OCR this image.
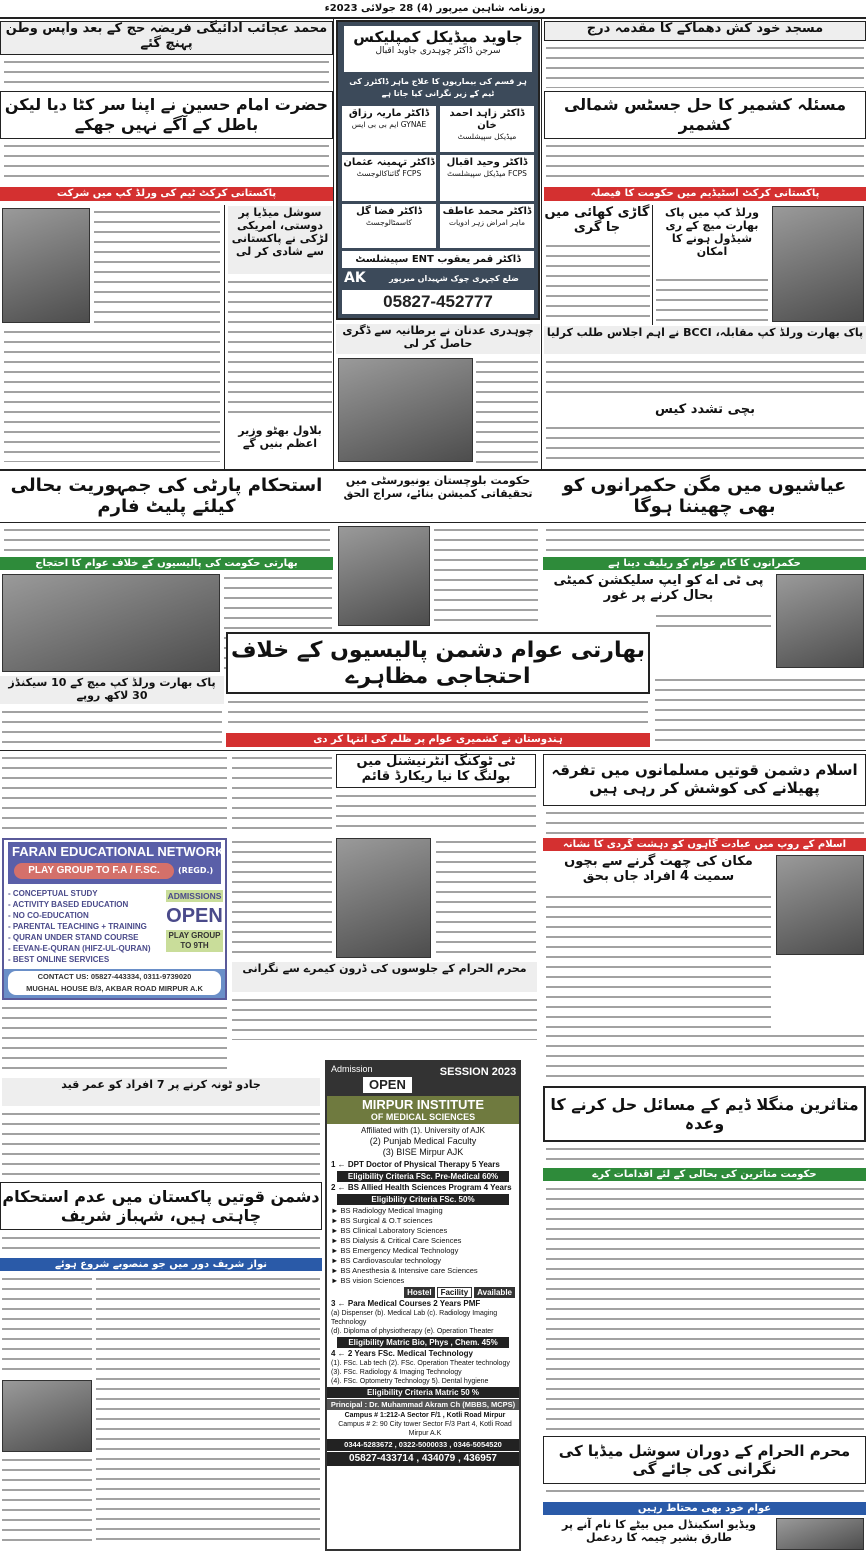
روزنامہ شاہین میرپور (4) 28 جولائی 2023ء
محمد عجائب ادائیگی فریضہ حج کے بعد واپس وطن پہنچ گئے
حضرت امام حسین نے اپنا سر کٹا دیا لیکن باطل کے آگے نہیں جھکے
پاکستانی کرکٹ ٹیم کی ورلڈ کپ میں شرکت
سوشل میڈیا پر دوستی، امریکی لڑکی نے پاکستانی سے شادی کر لی
بلاول بھٹو وزیر اعظم بنیں گے
جاوید میڈیکل کمپلیکس
سرجن ڈاکٹر چوہدری جاوید اقبال
ہر قسم کی بیماریوں کا علاج ماہر ڈاکٹرز کی ٹیم کے زیر نگرانی کیا جاتا ہے
ڈاکٹر زاہد احمد خان
میڈیکل سپیشلسٹ
ڈاکٹر ماریہ رزاق
GYNAE ایم بی بی ایس
ڈاکٹر وحید اقبال
FCPS میڈیکل سپیشلسٹ
ڈاکٹر تہمینہ عثمان
FCPS گائناکالوجسٹ
ڈاکٹر محمد عاطف
ماہر امراض زہر ادویات
ڈاکٹر فضا گل
کاسمٹالوجسٹ
ڈاکٹر قمر یعقوب ENT سپیشلسٹ
AK	ضلع کچہری چوک شہیداں میرپور
05827-452777
چوہدری عدنان نے برطانیہ سے ڈگری حاصل کر لی
مسجد خود کش دھماکے کا مقدمہ درج
مسئلہ کشمیر کا حل جسٹس شمالی کشمیر
پاکستانی کرکٹ اسٹیڈیم میں حکومت کا فیصلہ
ورلڈ کپ میں پاک بھارت میچ کے ری شیڈول ہونے کا امکان
گاڑی کھائی میں جا گری
پاک بھارت ورلڈ کپ مقابلہ، BCCI نے اہم اجلاس طلب کرلیا
بچی تشدد کیس
استحکام پارٹی کی جمہوریت بحالی کیلئے پلیٹ فارم
حکومت بلوچستان یونیورسٹی میں تحقیقاتی کمیشن بنائے، سراج الحق	عیاشیوں میں مگن حکمرانوں کو بھی چھیننا ہوگا
بھارتی حکومت کی پالیسیوں کے خلاف عوام کا احتجاج	حکمرانوں کا کام عوام کو ریلیف دینا ہے
پی ٹی اے کو ایپ سلیکشن کمیٹی بحال کرنے پر غور
بھارتی عوام دشمن پالیسیوں کے خلاف احتجاجی مظاہرے
پاک بھارت ورلڈ کپ میچ کے 10 سیکنڈز 30 لاکھ روپے
ہندوستان نے کشمیری عوام پر ظلم کی انتہا کر دی
ٹی ٹوکنگ انٹرنیشنل میں بولنگ کا نیا ریکارڈ قائم	اسلام دشمن قوتیں مسلمانوں میں تفرقہ پھیلانے کی کوشش کر رہی ہیں
اسلام کے روپ میں عبادت گاہوں کو دہشت گردی کا نشانہ
FARAN EDUCATIONAL NETWORK
PLAY GROUP TO F.A / F.SC.	(REGD.)
- CONCEPTUAL STUDY
- ACTIVITY BASED EDUCATION
- NO CO-EDUCATION
- PARENTAL TEACHING + TRAINING
- QURAN UNDER STAND COURSE
- EEVAN-E-QURAN (HIFZ-UL-QURAN)
- BEST ONLINE SERVICES
ADMISSIONS
OPEN
PLAY GROUP TO 9TH
CONTACT US: 05827-443334, 0311-9739020
MUGHAL HOUSE B/3, AKBAR ROAD MIRPUR A.K
مکان کی چھت گرنے سے بچوں سمیت 4 افراد جاں بحق
محرم الحرام کے جلوسوں کی ڈرون کیمرے سے نگرانی
متاثرین منگلا ڈیم کے مسائل حل کرنے کا وعدہ
حکومت متاثرین کی بحالی کے لئے اقدامات کرے
جادو ٹونہ کرنے پر 7 افراد کو عمر قید
دشمن قوتیں پاکستان میں عدم استحکام چاہتی ہیں، شہباز شریف
نواز شریف دور میں جو منصوبے شروع ہوئے
Admission
OPEN
SESSION 2023
MIRPUR INSTITUTE
OF MEDICAL SCIENCES
Affiliated with (1). University of AJK
(2) Punjab Medical Faculty
(3) BISE Mirpur AJK

1 ← DPT Doctor of Physical Therapy 5 Years

Eligibility Criteria FSc. Pre-Medical 60%

2 ← BS Allied Health Sciences Program 4 Years

Eligibility Criteria FSc. 50%

► BS Radiology Medical Imaging

► BS Surgical & O.T sciences

► BS Clinical Laboratory Sciences

► BS Dialysis & Critical Care Sciences

► BS Emergency Medical Technology

► BS Cardiovascular technology

► BS Anesthesia & Intensive care Sciences

► BS vision Sciences

Hostel	Facility	Available

3 ← Para Medical Courses 2 Years PMF

(a) Dispenser (b). Medical Lab (c). Radiology Imaging Technology

(d). Diploma of physiotherapy (e). Operation Theater

Eligibility Matric Bio, Phys , Chem. 45%

4 ← 2 Years FSc. Medical Technology

(1). FSc. Lab tech (2). FSc. Operation Theater technology

(3). FSc. Radiology & Imaging Technology

(4). FSc. Optometry Technology 5). Dental hygiene

Eligibility Criteria Matric 50 %
Principal : Dr. Muhammad Akram Ch (MBBS, MCPS)

Campus # 1:212-A Sector F/1 , Kotli Road Mirpur

Campus # 2: 90 City tower Sector F/3 Part 4, Kotli Road Mirpur A.K

0344-5283672 , 0322-5000033 , 0346-5054520
05827-433714 , 434079 , 436957	محرم الحرام کے دوران سوشل میڈیا کی نگرانی کی جائے گی
عوام خود بھی محتاط رہیں
ویڈیو اسکینڈل میں بیٹے کا نام آنے پر طارق بشیر چیمہ کا ردعمل
